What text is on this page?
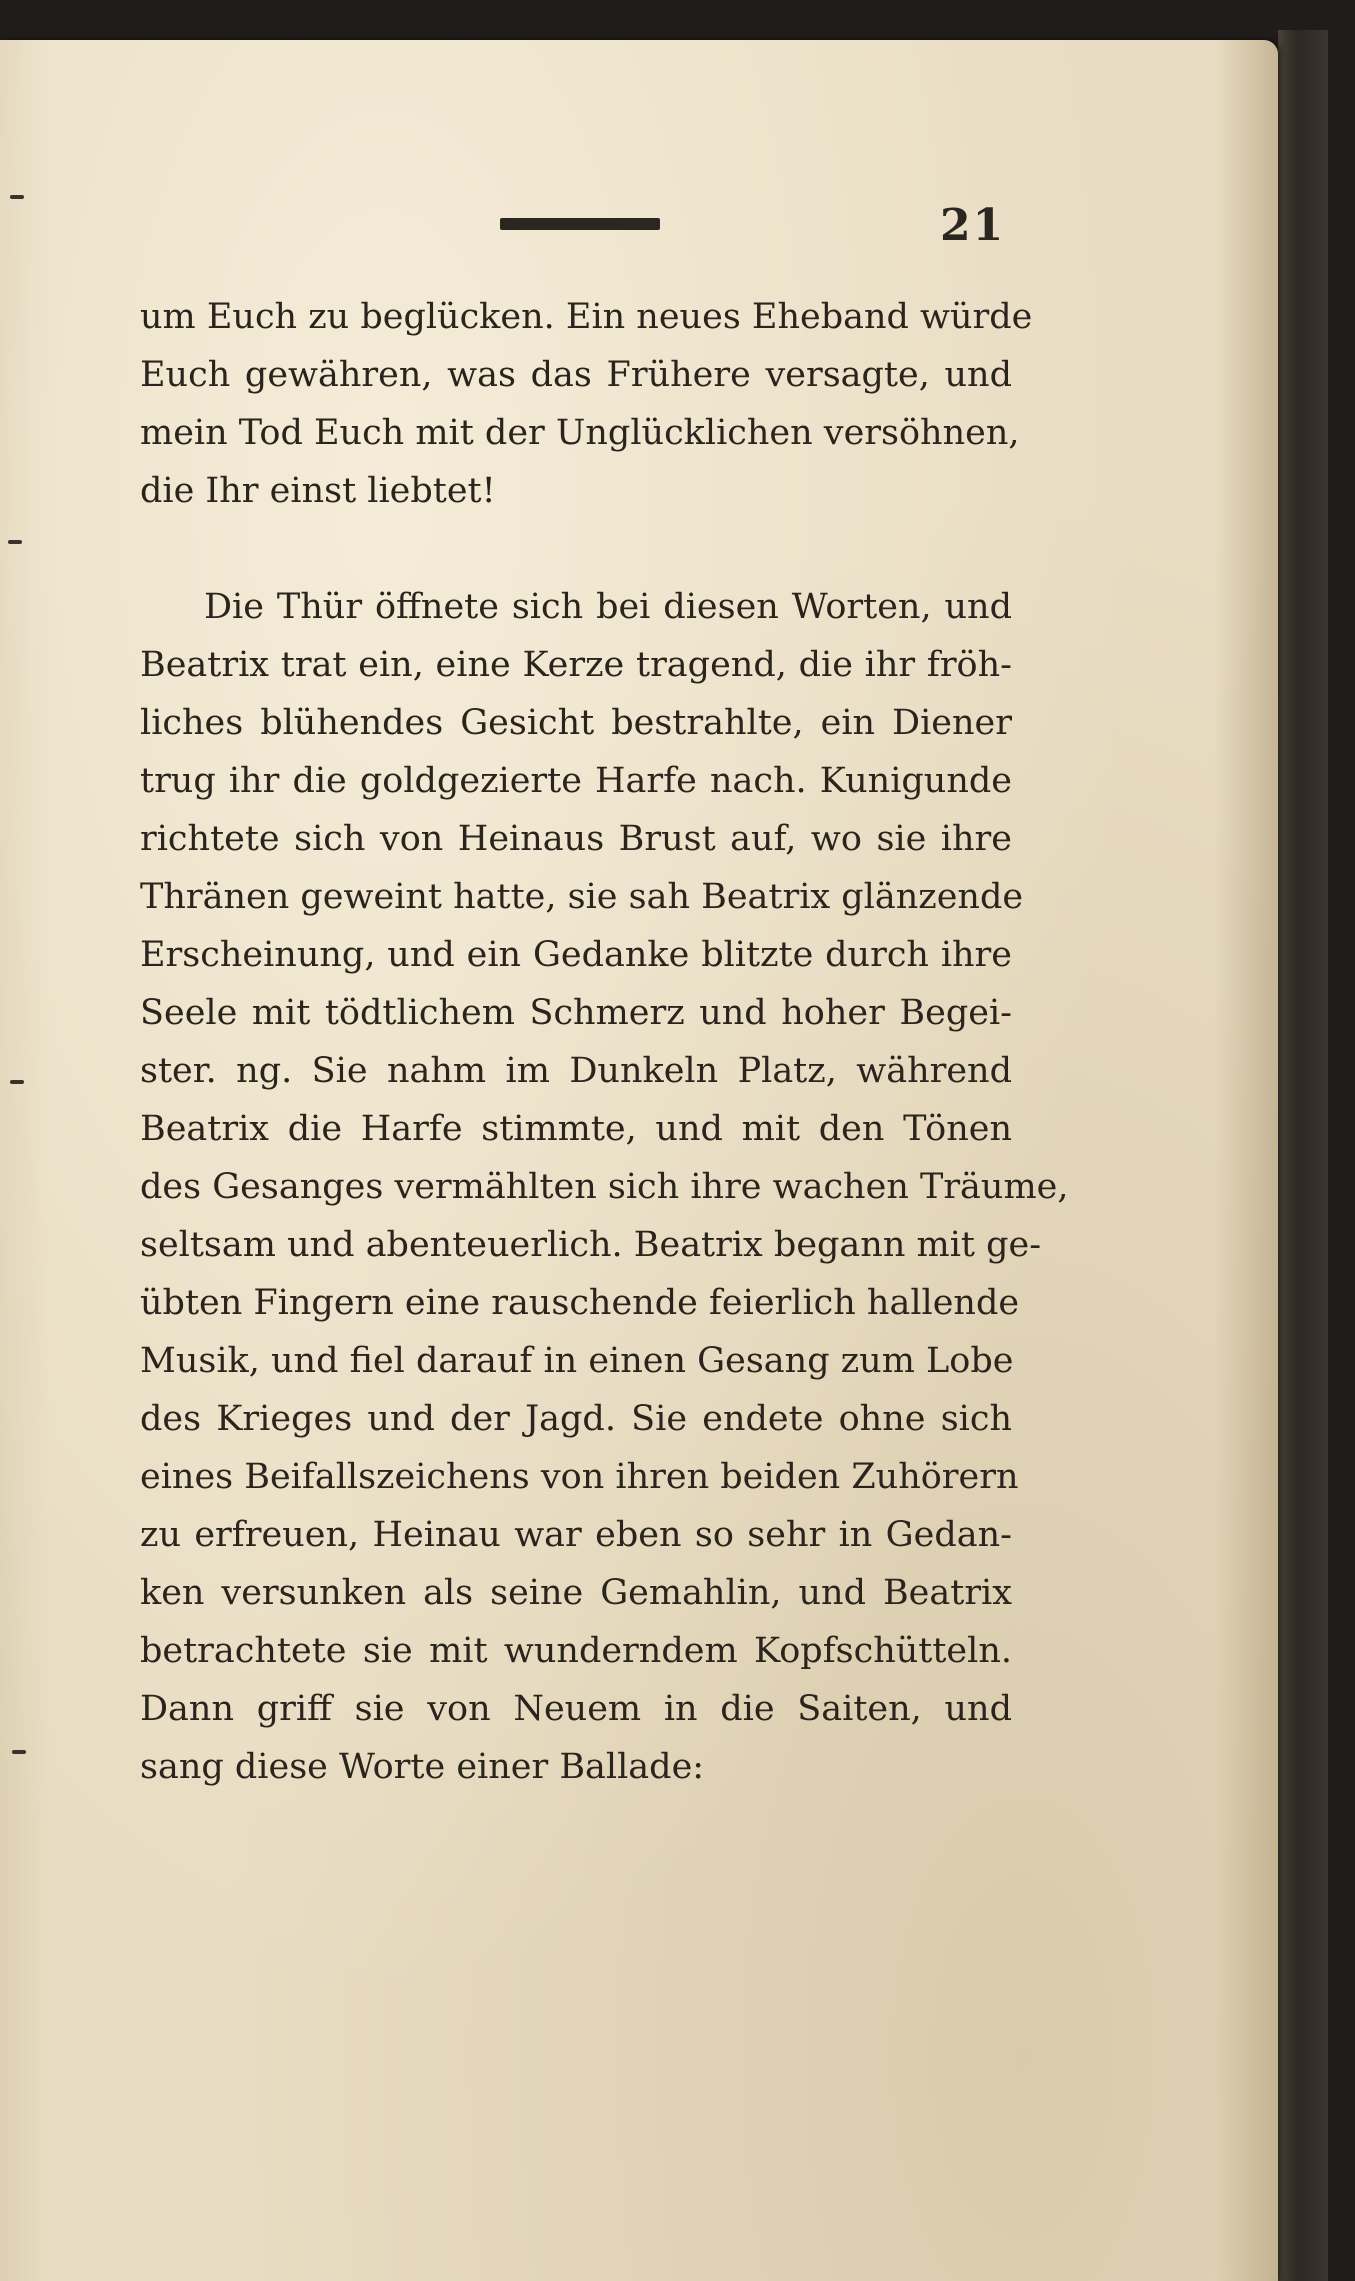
21
um Euch zu beglücken. Ein neues Eheband würde
Euch gewähren, was das Frühere versagte, und
mein Tod Euch mit der Unglücklichen versöhnen,
die Ihr einst liebtet!
Die Thür öffnete sich bei diesen Worten, und
Beatrix trat ein, eine Kerze tragend, die ihr fröh-
liches blühendes Gesicht bestrahlte, ein Diener
trug ihr die goldgezierte Harfe nach. Kunigunde
richtete sich von Heinaus Brust auf, wo sie ihre
Thränen geweint hatte, sie sah Beatrix glänzende
Erscheinung, und ein Gedanke blitzte durch ihre
Seele mit tödtlichem Schmerz und hoher Begei-
ster. ng. Sie nahm im Dunkeln Platz, während
Beatrix die Harfe stimmte, und mit den Tönen
des Gesanges vermählten sich ihre wachen Träume,
seltsam und abenteuerlich. Beatrix begann mit ge-
übten Fingern eine rauschende feierlich hallende
Musik, und fiel darauf in einen Gesang zum Lobe
des Krieges und der Jagd. Sie endete ohne sich
eines Beifallszeichens von ihren beiden Zuhörern
zu erfreuen, Heinau war eben so sehr in Gedan-
ken versunken als seine Gemahlin, und Beatrix
betrachtete sie mit wunderndem Kopfschütteln.
Dann griff sie von Neuem in die Saiten, und
sang diese Worte einer Ballade:
